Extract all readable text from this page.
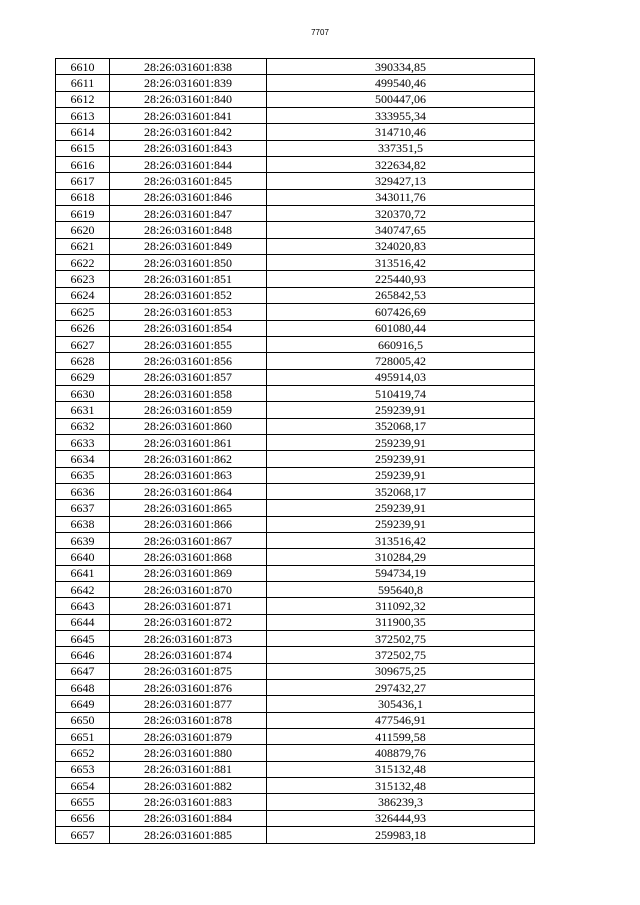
7707
6610	28:26:031601:838	390334,85
6611	28:26:031601:839	499540,46
6612	28:26:031601:840	500447,06
6613	28:26:031601:841	333955,34
6614	28:26:031601:842	314710,46
6615	28:26:031601:843	337351,5
6616	28:26:031601:844	322634,82
6617	28:26:031601:845	329427,13
6618	28:26:031601:846	343011,76
6619	28:26:031601:847	320370,72
6620	28:26:031601:848	340747,65
6621	28:26:031601:849	324020,83
6622	28:26:031601:850	313516,42
6623	28:26:031601:851	225440,93
6624	28:26:031601:852	265842,53
6625	28:26:031601:853	607426,69
6626	28:26:031601:854	601080,44
6627	28:26:031601:855	660916,5
6628	28:26:031601:856	728005,42
6629	28:26:031601:857	495914,03
6630	28:26:031601:858	510419,74
6631	28:26:031601:859	259239,91
6632	28:26:031601:860	352068,17
6633	28:26:031601:861	259239,91
6634	28:26:031601:862	259239,91
6635	28:26:031601:863	259239,91
6636	28:26:031601:864	352068,17
6637	28:26:031601:865	259239,91
6638	28:26:031601:866	259239,91
6639	28:26:031601:867	313516,42
6640	28:26:031601:868	310284,29
6641	28:26:031601:869	594734,19
6642	28:26:031601:870	595640,8
6643	28:26:031601:871	311092,32
6644	28:26:031601:872	311900,35
6645	28:26:031601:873	372502,75
6646	28:26:031601:874	372502,75
6647	28:26:031601:875	309675,25
6648	28:26:031601:876	297432,27
6649	28:26:031601:877	305436,1
6650	28:26:031601:878	477546,91
6651	28:26:031601:879	411599,58
6652	28:26:031601:880	408879,76
6653	28:26:031601:881	315132,48
6654	28:26:031601:882	315132,48
6655	28:26:031601:883	386239,3
6656	28:26:031601:884	326444,93
6657	28:26:031601:885	259983,18
